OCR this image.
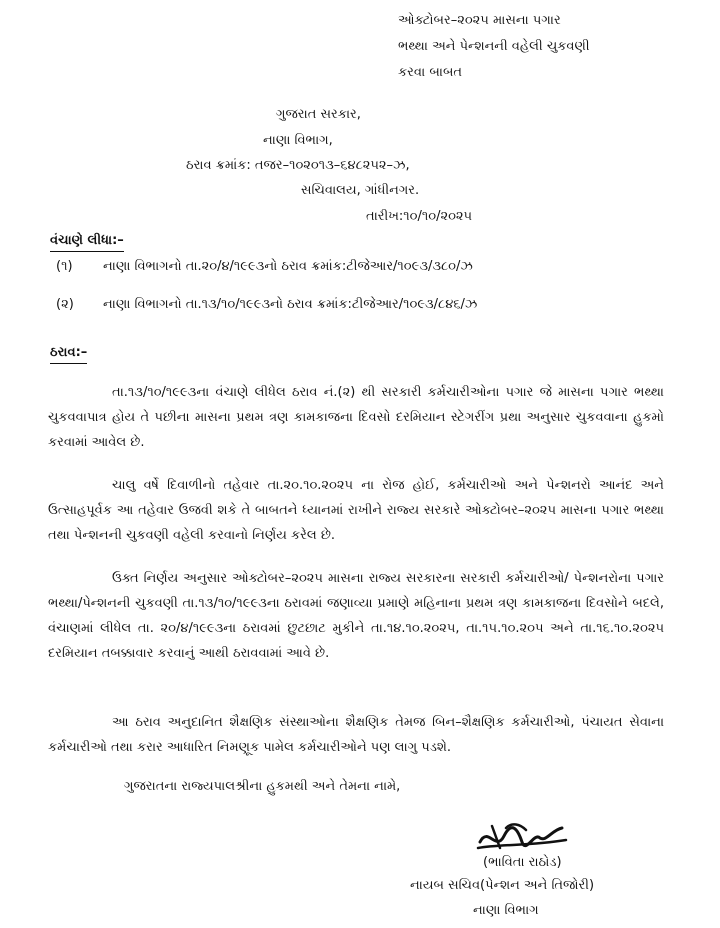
ઓક્ટોબર–૨૦૨૫ માસના પગાર
ભથ્થા અને પેન્શનની વહેલી ચુકવણી
કરવા બાબત
ગુજરાત સરકાર,
નાણા વિભાગ,
ઠરાવ ક્રમાંક: તજર–૧૦૨૦૧૩–૬૪૮૨૫૨–ઝ,
સચિવાલય, ગાંધીનગર.
તારીખ:૧૦/૧૦/૨૦૨૫
વંચાણે લીધા:–
(૧) નાણા વિભાગનો તા.૨૦/૪/૧૯૯૩નો ઠરાવ ક્રમાંક:ટીજેઆર/૧૦૯૩/૩૮૦/ઝ
(૨) નાણા વિભાગનો તા.૧૩/૧૦/૧૯૯૩નો ઠરાવ ક્રમાંક:ટીજેઆર/૧૦૯૩/૮૪૬/ઝ
ઠરાવ:–
તા.૧૩/૧૦/૧૯૯૩ના વંચાણે લીધેલ ઠરાવ નં.(૨) થી સરકારી કર્મચારીઓના પગાર જે માસના પગાર ભથ્થા ચુકવવાપાત્ર હોય તે પછીના માસના પ્રથમ ત્રણ કામકાજના દિવસો દરમિયાન સ્ટેગરીંગ પ્રથા અનુસાર ચુકવવાના હુકમો કરવામાં આવેલ છે.
ચાલુ વર્ષે દિવાળીનો તહેવાર તા.૨૦.૧૦.૨૦૨૫ ના રોજ હોઈ, કર્મચારીઓ અને પેન્શનરો આનંદ અને ઉત્સાહપૂર્વક આ તહેવાર ઉજવી શકે તે બાબતને ધ્યાનમાં રાખીને રાજ્ય સરકારે ઓક્ટોબર–૨૦૨૫ માસના પગાર ભથ્થા તથા પેન્શનની ચુકવણી વહેલી કરવાનો નિર્ણય કરેલ છે.
ઉક્ત નિર્ણય અનુસાર ઓક્ટોબર–૨૦૨૫ માસના રાજ્ય સરકારના સરકારી કર્મચારીઓ/ પેન્શનરોના પગાર ભથ્થા/પેન્શનની ચુકવણી તા.૧૩/૧૦/૧૯૯૩ના ઠરાવમાં જણાવ્યા પ્રમાણે મહિનાના પ્રથમ ત્રણ કામકાજના દિવસોને બદલે, વંચાણમાં લીધેલ તા. ૨૦/૪/૧૯૯૩ના ઠરાવમાં છુટછાટ મુકીને તા.૧૪.૧૦.૨૦૨૫, તા.૧૫.૧૦.૨૦૫ અને તા.૧૬.૧૦.૨૦૨૫ દરમિયાન તબક્કાવાર કરવાનું આથી ઠરાવવામાં આવે છે.
આ ઠરાવ અનુદાનિત શૈક્ષણિક સંસ્થાઓના શૈક્ષણિક તેમજ બિન–શૈક્ષણિક કર્મચારીઓ, પંચાયત સેવાના કર્મચારીઓ તથા કરાર આધારિત નિમણૂક પામેલ કર્મચારીઓને પણ લાગુ પડશે.
ગુજરાતના રાજ્યપાલશ્રીના હુકમથી અને તેમના નામે,
(ભાવિતા રાઠોડ)
નાયબ સચિવ(પેન્શન અને તિજોરી)
નાણા વિભાગ
